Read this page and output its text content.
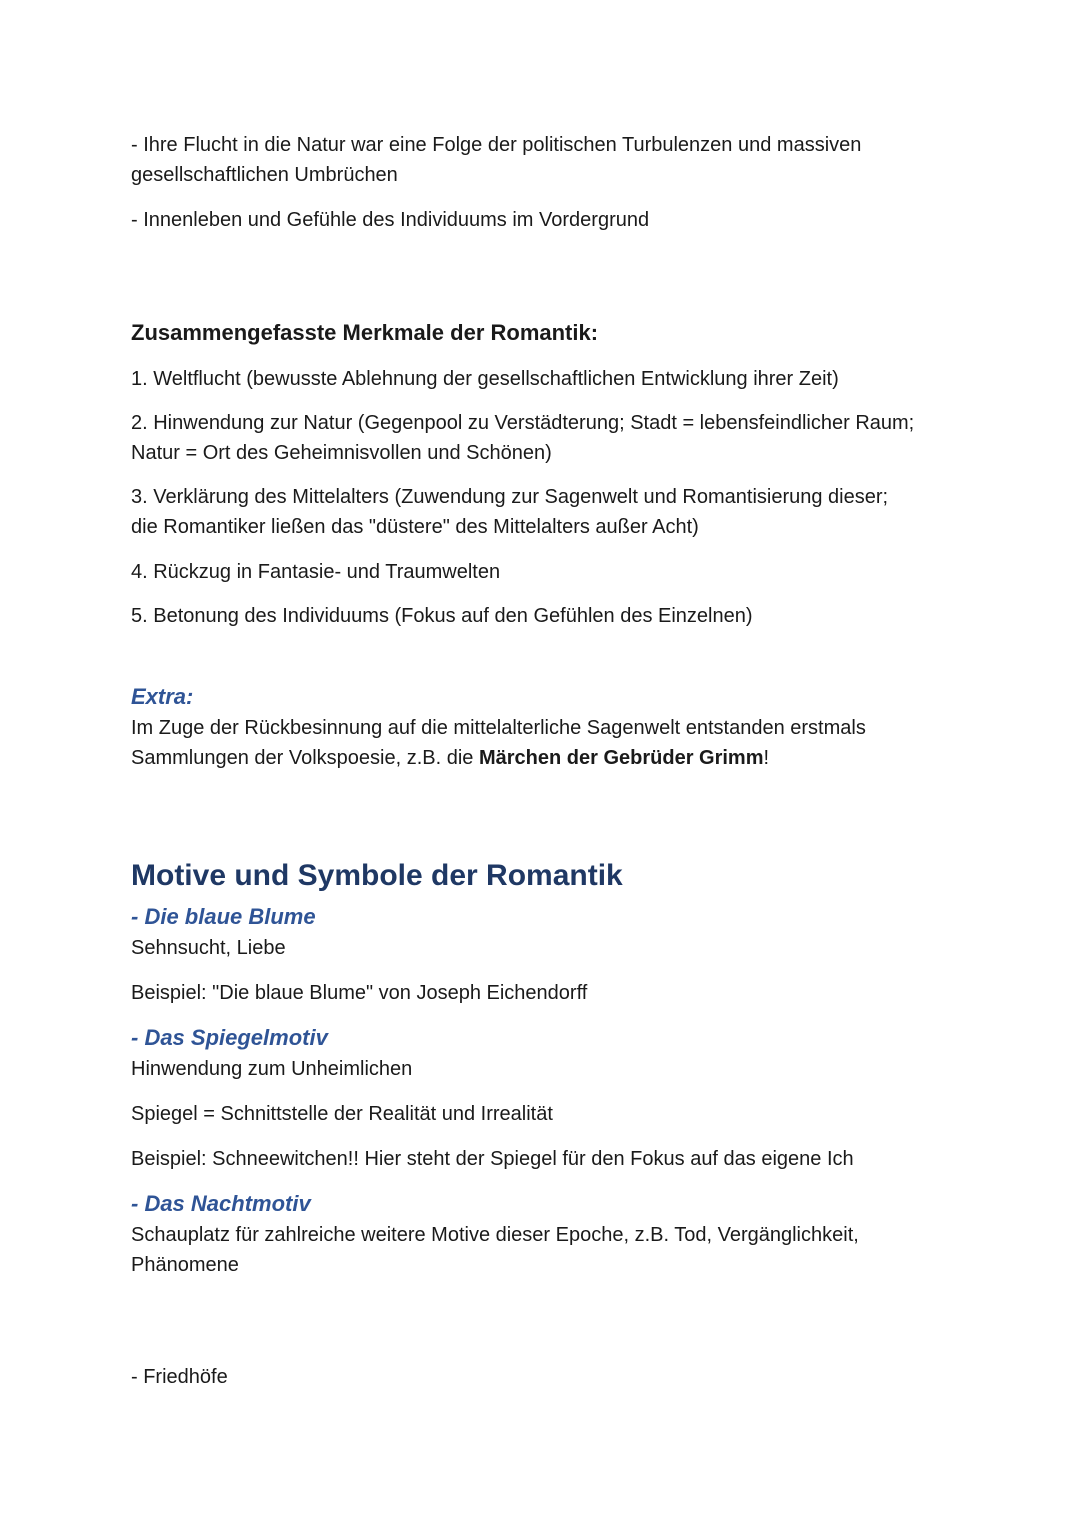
- Ihre Flucht in die Natur war eine Folge der politischen Turbulenzen und massiven
gesellschaftlichen Umbrüchen
- Innenleben und Gefühle des Individuums im Vordergrund
Zusammengefasste Merkmale der Romantik:
1. Weltflucht (bewusste Ablehnung der gesellschaftlichen Entwicklung ihrer Zeit)
2. Hinwendung zur Natur (Gegenpool zu Verstädterung; Stadt = lebensfeindlicher Raum;
Natur = Ort des Geheimnisvollen und Schönen)
3. Verklärung des Mittelalters (Zuwendung zur Sagenwelt und Romantisierung dieser;
die Romantiker ließen das "düstere" des Mittelalters außer Acht)
4. Rückzug in Fantasie- und Traumwelten
5. Betonung des Individuums (Fokus auf den Gefühlen des Einzelnen)
Extra:
Im Zuge der Rückbesinnung auf die mittelalterliche Sagenwelt entstanden erstmals
Sammlungen der Volkspoesie, z.B. die Märchen der Gebrüder Grimm!
Motive und Symbole der Romantik
- Die blaue Blume
Sehnsucht, Liebe
Beispiel: "Die blaue Blume" von Joseph Eichendorff
- Das Spiegelmotiv
Hinwendung zum Unheimlichen
Spiegel = Schnittstelle der Realität und Irrealität
Beispiel: Schneewitchen!! Hier steht der Spiegel für den Fokus auf das eigene Ich
- Das Nachtmotiv
Schauplatz für zahlreiche weitere Motive dieser Epoche, z.B. Tod, Vergänglichkeit,
Phänomene
- Friedhöfe
